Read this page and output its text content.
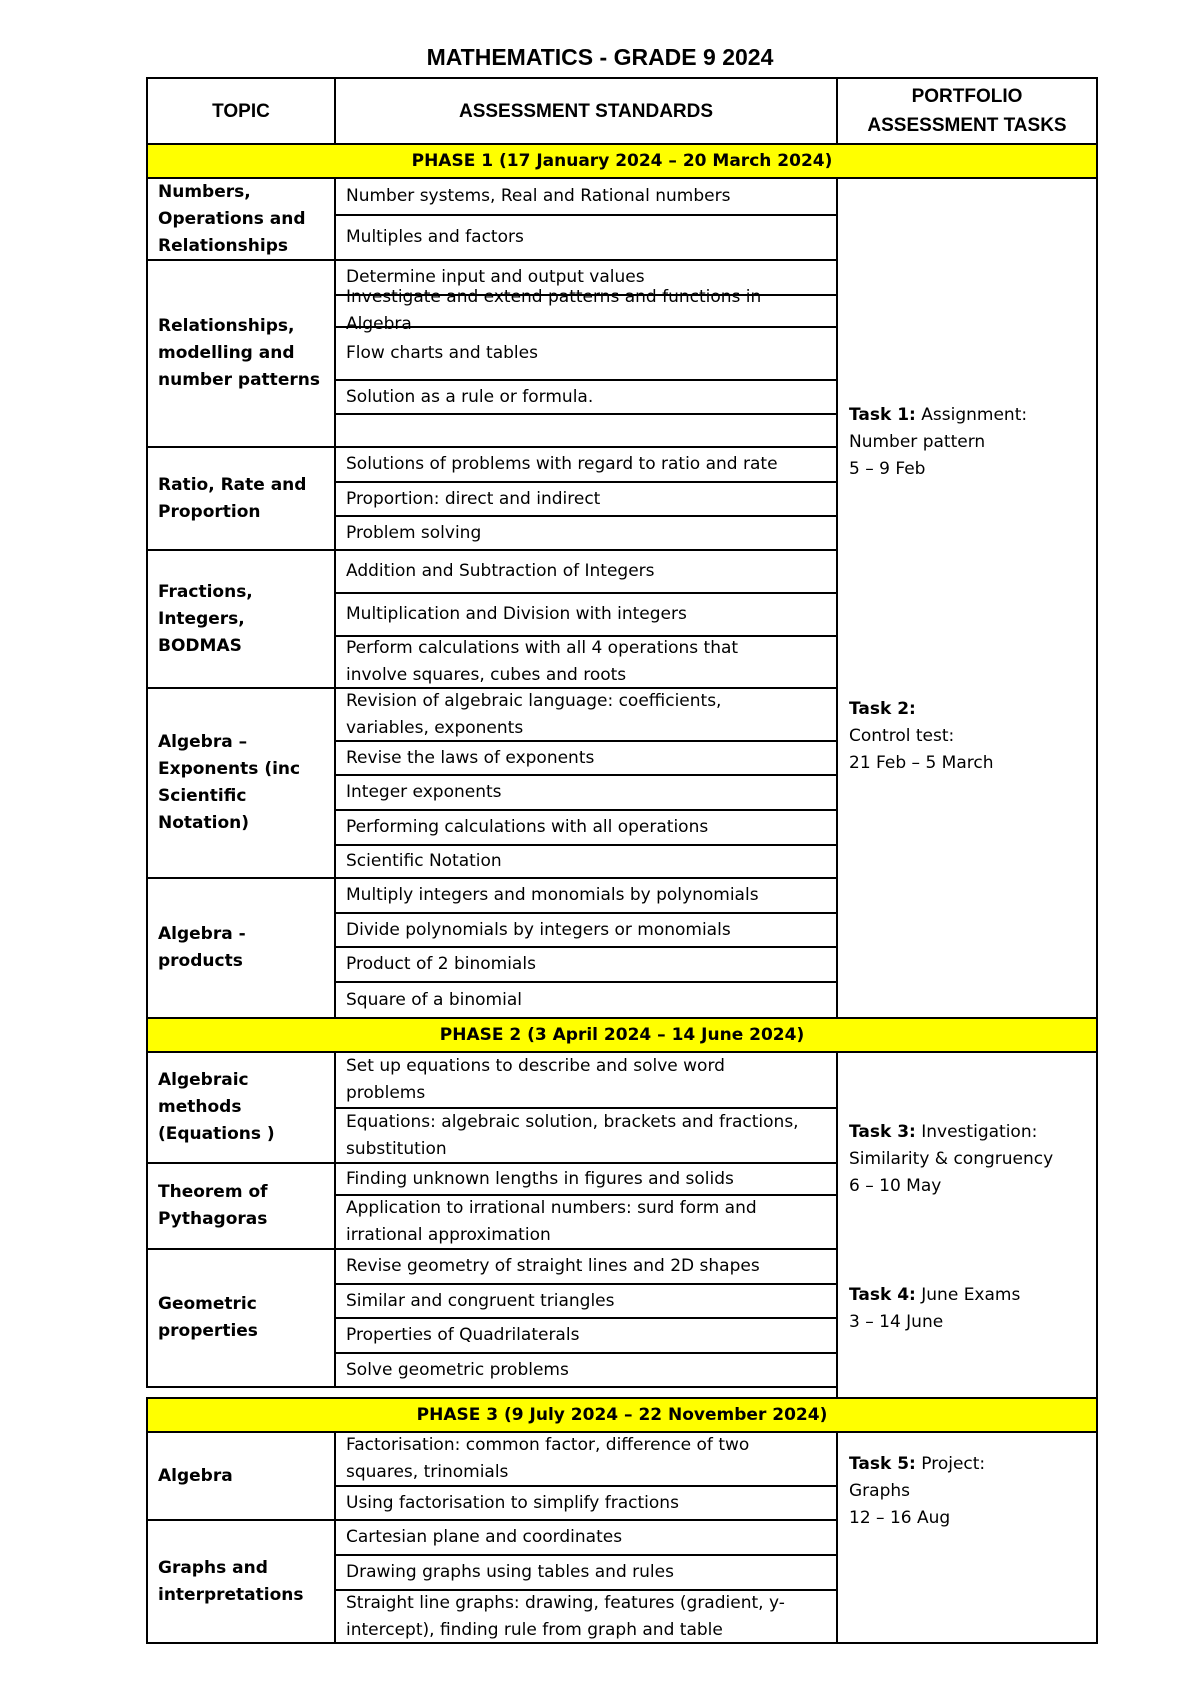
MATHEMATICS - GRADE 9 2024
TOPIC	ASSESSMENT STANDARDS
PORTFOLIO
ASSESSMENT TASKS
PHASE 1 (17 January 2024 – 20 March 2024)
PHASE 2 (3 April 2024 – 14 June 2024)
PHASE 3 (9 July 2024 – 22 November 2024)
Numbers,
Operations and
Relationships
Number systems, Real and Rational numbers
Multiples and factors
Relationships,
modelling and
number patterns
Determine input and output values
Investigate and extend patterns and functions in
Algebra
Flow charts and tables
Solution as a rule or formula.
Ratio, Rate and
Proportion
Solutions of problems with regard to ratio and rate
Proportion: direct and indirect
Problem solving
Fractions,
Integers,
BODMAS
Addition and Subtraction of Integers
Multiplication and Division with integers
Perform calculations with all 4 operations that
involve squares, cubes and roots
Algebra –
Exponents (inc
Scientific
Notation)
Revision of algebraic language: coefficients,
variables, exponents
Revise the laws of exponents
Integer exponents
Performing calculations with all operations
Scientific Notation
Algebra -
products
Multiply integers and monomials by polynomials
Divide polynomials by integers or monomials
Product of 2 binomials
Square of a binomial
Algebraic
methods
(Equations )
Set up equations to describe and solve word
problems
Equations: algebraic solution, brackets and fractions,
substitution
Theorem of
Pythagoras
Finding unknown lengths in figures and solids
Application to irrational numbers: surd form and
irrational approximation
Geometric
properties
Revise geometry of straight lines and 2D shapes
Similar and congruent triangles
Properties of Quadrilaterals
Solve geometric problems
Algebra
Factorisation: common factor, difference of two
squares, trinomials
Using factorisation to simplify fractions
Graphs and
interpretations
Cartesian plane and coordinates
Drawing graphs using tables and rules
Straight line graphs: drawing, features (gradient, y-
intercept), finding rule from graph and table
Task 1: Assignment:
Number pattern
5 – 9 Feb
Task 2:
Control test:
21 Feb – 5 March
Task 3: Investigation:
Similarity & congruency
6 – 10 May
Task 4: June Exams
3 – 14 June
Task 5: Project:
Graphs
12 – 16 Aug
